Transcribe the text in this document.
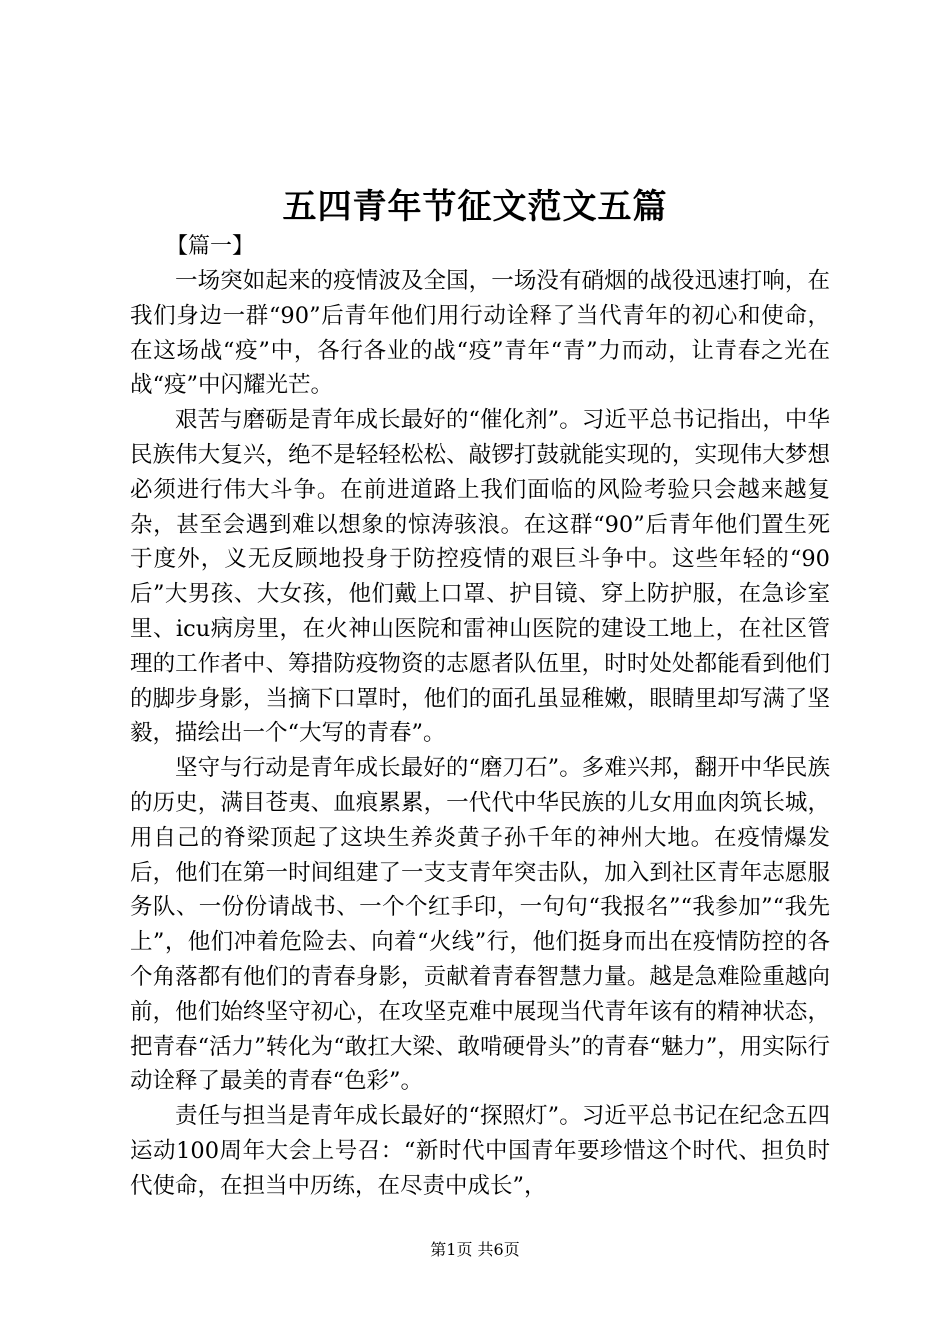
五四青年节征文范文五篇
【篇一】

一场突如起来的疫情波及全国，一场没有硝烟的战役迅速打响，在我们身边一群“90”后青年他们用行动诠释了当代青年的初心和使命，在这场战“疫”中，各行各业的战“疫”青年“青”力而动，让青春之光在战“疫”中闪耀光芒。

艰苦与磨砺是青年成长最好的“催化剂”。习近平总书记指出，中华民族伟大复兴，绝不是轻轻松松、敲锣打鼓就能实现的，实现伟大梦想必须进行伟大斗争。在前进道路上我们面临的风险考验只会越来越复杂，甚至会遇到难以想象的惊涛骇浪。在这群“90”后青年他们置生死于度外，义无反顾地投身于防控疫情的艰巨斗争中。这些年轻的“90后”大男孩、大女孩，他们戴上口罩、护目镜、穿上防护服，在急诊室里、icu病房里，在火神山医院和雷神山医院的建设工地上，在社区管理的工作者中、筹措防疫物资的志愿者队伍里，时时处处都能看到他们的脚步身影，当摘下口罩时，他们的面孔虽显稚嫩，眼睛里却写满了坚毅，描绘出一个“大写的青春”。

坚守与行动是青年成长最好的“磨刀石”。多难兴邦，翻开中华民族的历史，满目苍夷、血痕累累，一代代中华民族的儿女用血肉筑长城，用自己的脊梁顶起了这块生养炎黄子孙千年的神州大地。在疫情爆发后，他们在第一时间组建了一支支青年突击队，加入到社区青年志愿服务队、一份份请战书、一个个红手印，一句句“我报名”“我参加”“我先上”，他们冲着危险去、向着“火线”行，他们挺身而出在疫情防控的各个角落都有他们的青春身影，贡献着青春智慧力量。越是急难险重越向前，他们始终坚守初心，在攻坚克难中展现当代青年该有的精神状态，把青春“活力”转化为“敢扛大梁、敢啃硬骨头”的青春“魅力”，用实际行动诠释了最美的青春“色彩”。

责任与担当是青年成长最好的“探照灯”。习近平总书记在纪念五四运动100周年大会上号召：“新时代中国青年要珍惜这个时代、担负时代使命，在担当中历练，在尽责中成长”，

第1页 共6页
